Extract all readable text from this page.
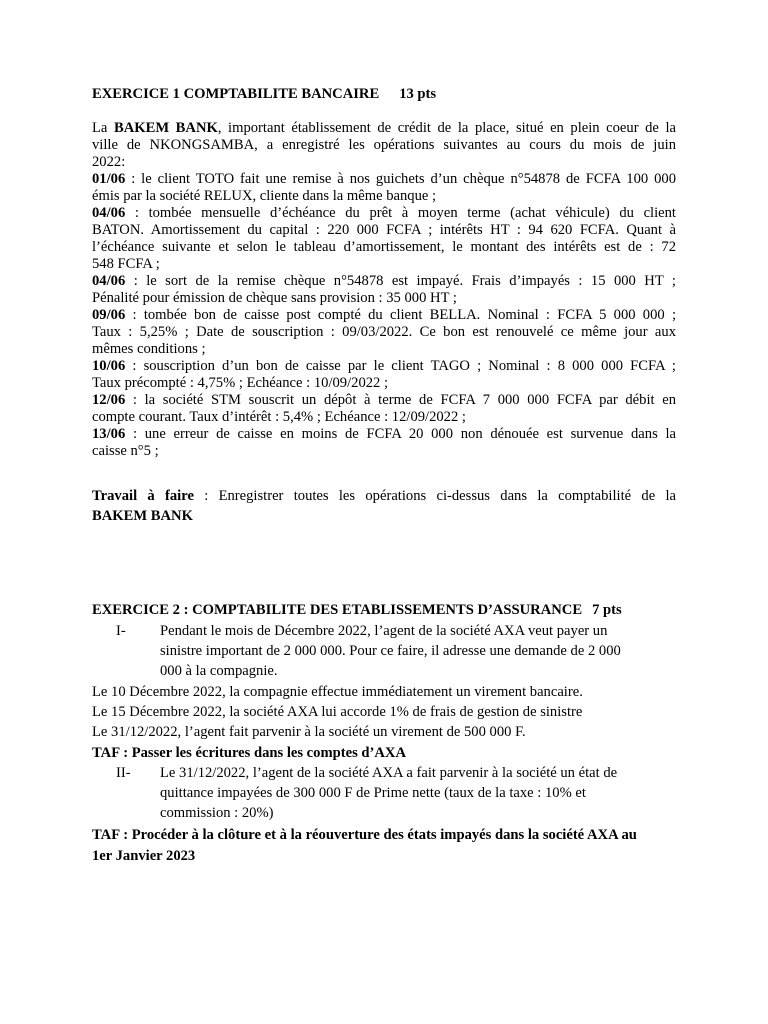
EXERCICE 1 COMPTABILITE BANCAIRE 13 pts
La BAKEM BANK, important établissement de crédit de la place, situé en plein coeur de la
ville de NKONGSAMBA, a enregistré les opérations suivantes au cours du mois de juin
2022:
01/06 : le client TOTO fait une remise à nos guichets d’un chèque n°54878 de FCFA 100 000
émis par la société RELUX, cliente dans la même banque ;
04/06 : tombée mensuelle d’échéance du prêt à moyen terme (achat véhicule) du client
BATON. Amortissement du capital : 220 000 FCFA ; intérêts HT : 94 620 FCFA. Quant à
l’échéance suivante et selon le tableau d’amortissement, le montant des intérêts est de : 72
548 FCFA ;
04/06 : le sort de la remise chèque n°54878 est impayé. Frais d’impayés : 15 000 HT ;
Pénalité pour émission de chèque sans provision : 35 000 HT ;
09/06 : tombée bon de caisse post compté du client BELLA. Nominal : FCFA 5 000 000 ;
Taux : 5,25% ; Date de souscription : 09/03/2022. Ce bon est renouvelé ce même jour aux
mêmes conditions ;
10/06 : souscription d’un bon de caisse par le client TAGO ; Nominal : 8 000 000 FCFA ;
Taux précompté : 4,75% ; Echéance : 10/09/2022 ;
12/06 : la société STM souscrit un dépôt à terme de FCFA 7 000 000 FCFA par débit en
compte courant. Taux d’intérêt : 5,4% ; Echéance : 12/09/2022 ;
13/06 : une erreur de caisse en moins de FCFA 20 000 non dénouée est survenue dans la
caisse n°5 ;
Travail à faire : Enregistrer toutes les opérations ci-dessus dans la comptabilité de la
BAKEM BANK
EXERCICE 2 : COMPTABILITE DES ETABLISSEMENTS D’ASSURANCE 7 pts
I- Pendant le mois de Décembre 2022, l’agent de la société AXA veut payer un
sinistre important de 2 000 000. Pour ce faire, il adresse une demande de 2 000
000 à la compagnie.
Le 10 Décembre 2022, la compagnie effectue immédiatement un virement bancaire.
Le 15 Décembre 2022, la société AXA lui accorde 1% de frais de gestion de sinistre
Le 31/12/2022, l’agent fait parvenir à la société un virement de 500 000 F.
TAF : Passer les écritures dans les comptes d’AXA
II- Le 31/12/2022, l’agent de la société AXA a fait parvenir à la société un état de
quittance impayées de 300 000 F de Prime nette (taux de la taxe : 10% et
commission : 20%)
TAF : Procéder à la clôture et à la réouverture des états impayés dans la société AXA au
1er Janvier 2023
